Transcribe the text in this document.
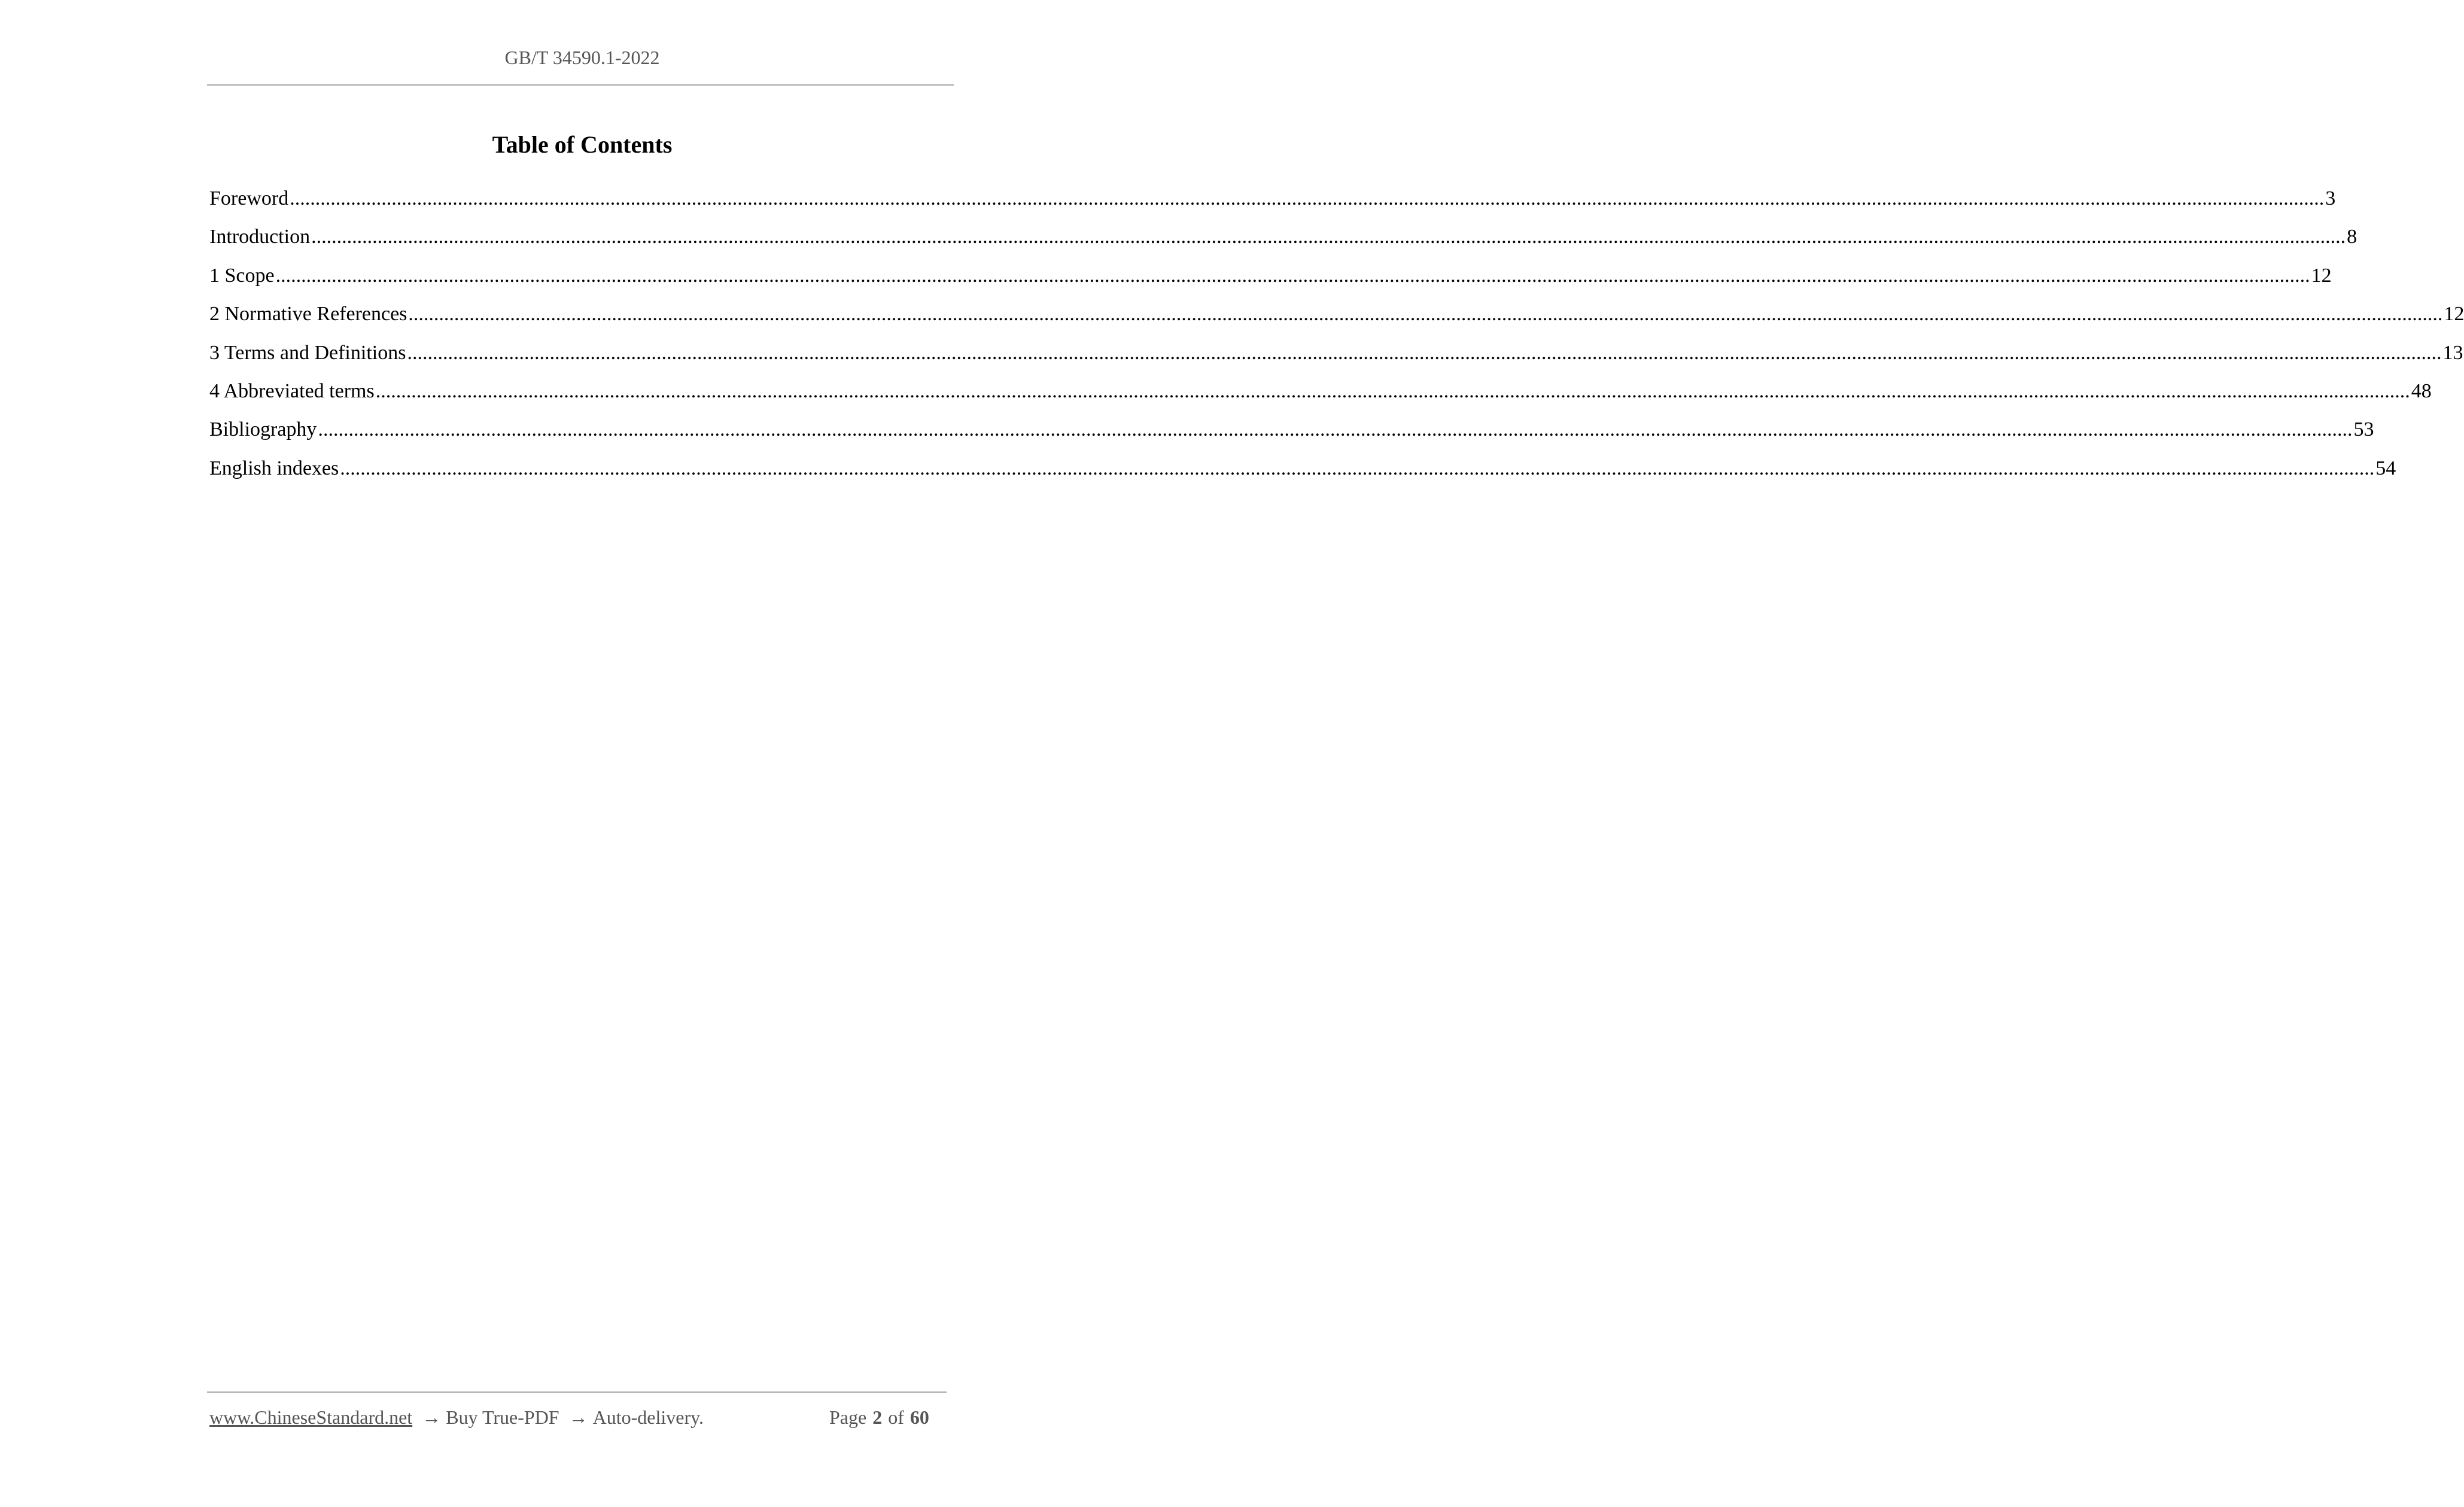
GB/T 34590.1-2022
Table of Contents
Foreword ................................................................................................................................................................................................................................................................................................................................................................................................................ 3
Introduction ................................................................................................................................................................................................................................................................................................................................................................................................................ 8
1 Scope ................................................................................................................................................................................................................................................................................................................................................................................................................ 12
2 Normative References ................................................................................................................................................................................................................................................................................................................................................................................................................ 12
3 Terms and Definitions ................................................................................................................................................................................................................................................................................................................................................................................................................ 13
4 Abbreviated terms ................................................................................................................................................................................................................................................................................................................................................................................................................ 48
Bibliography ................................................................................................................................................................................................................................................................................................................................................................................................................ 53
English indexes ................................................................................................................................................................................................................................................................................................................................................................................................................ 54
www.ChineseStandard.net → Buy True-PDF → Auto-delivery.	Page 2 of 60
